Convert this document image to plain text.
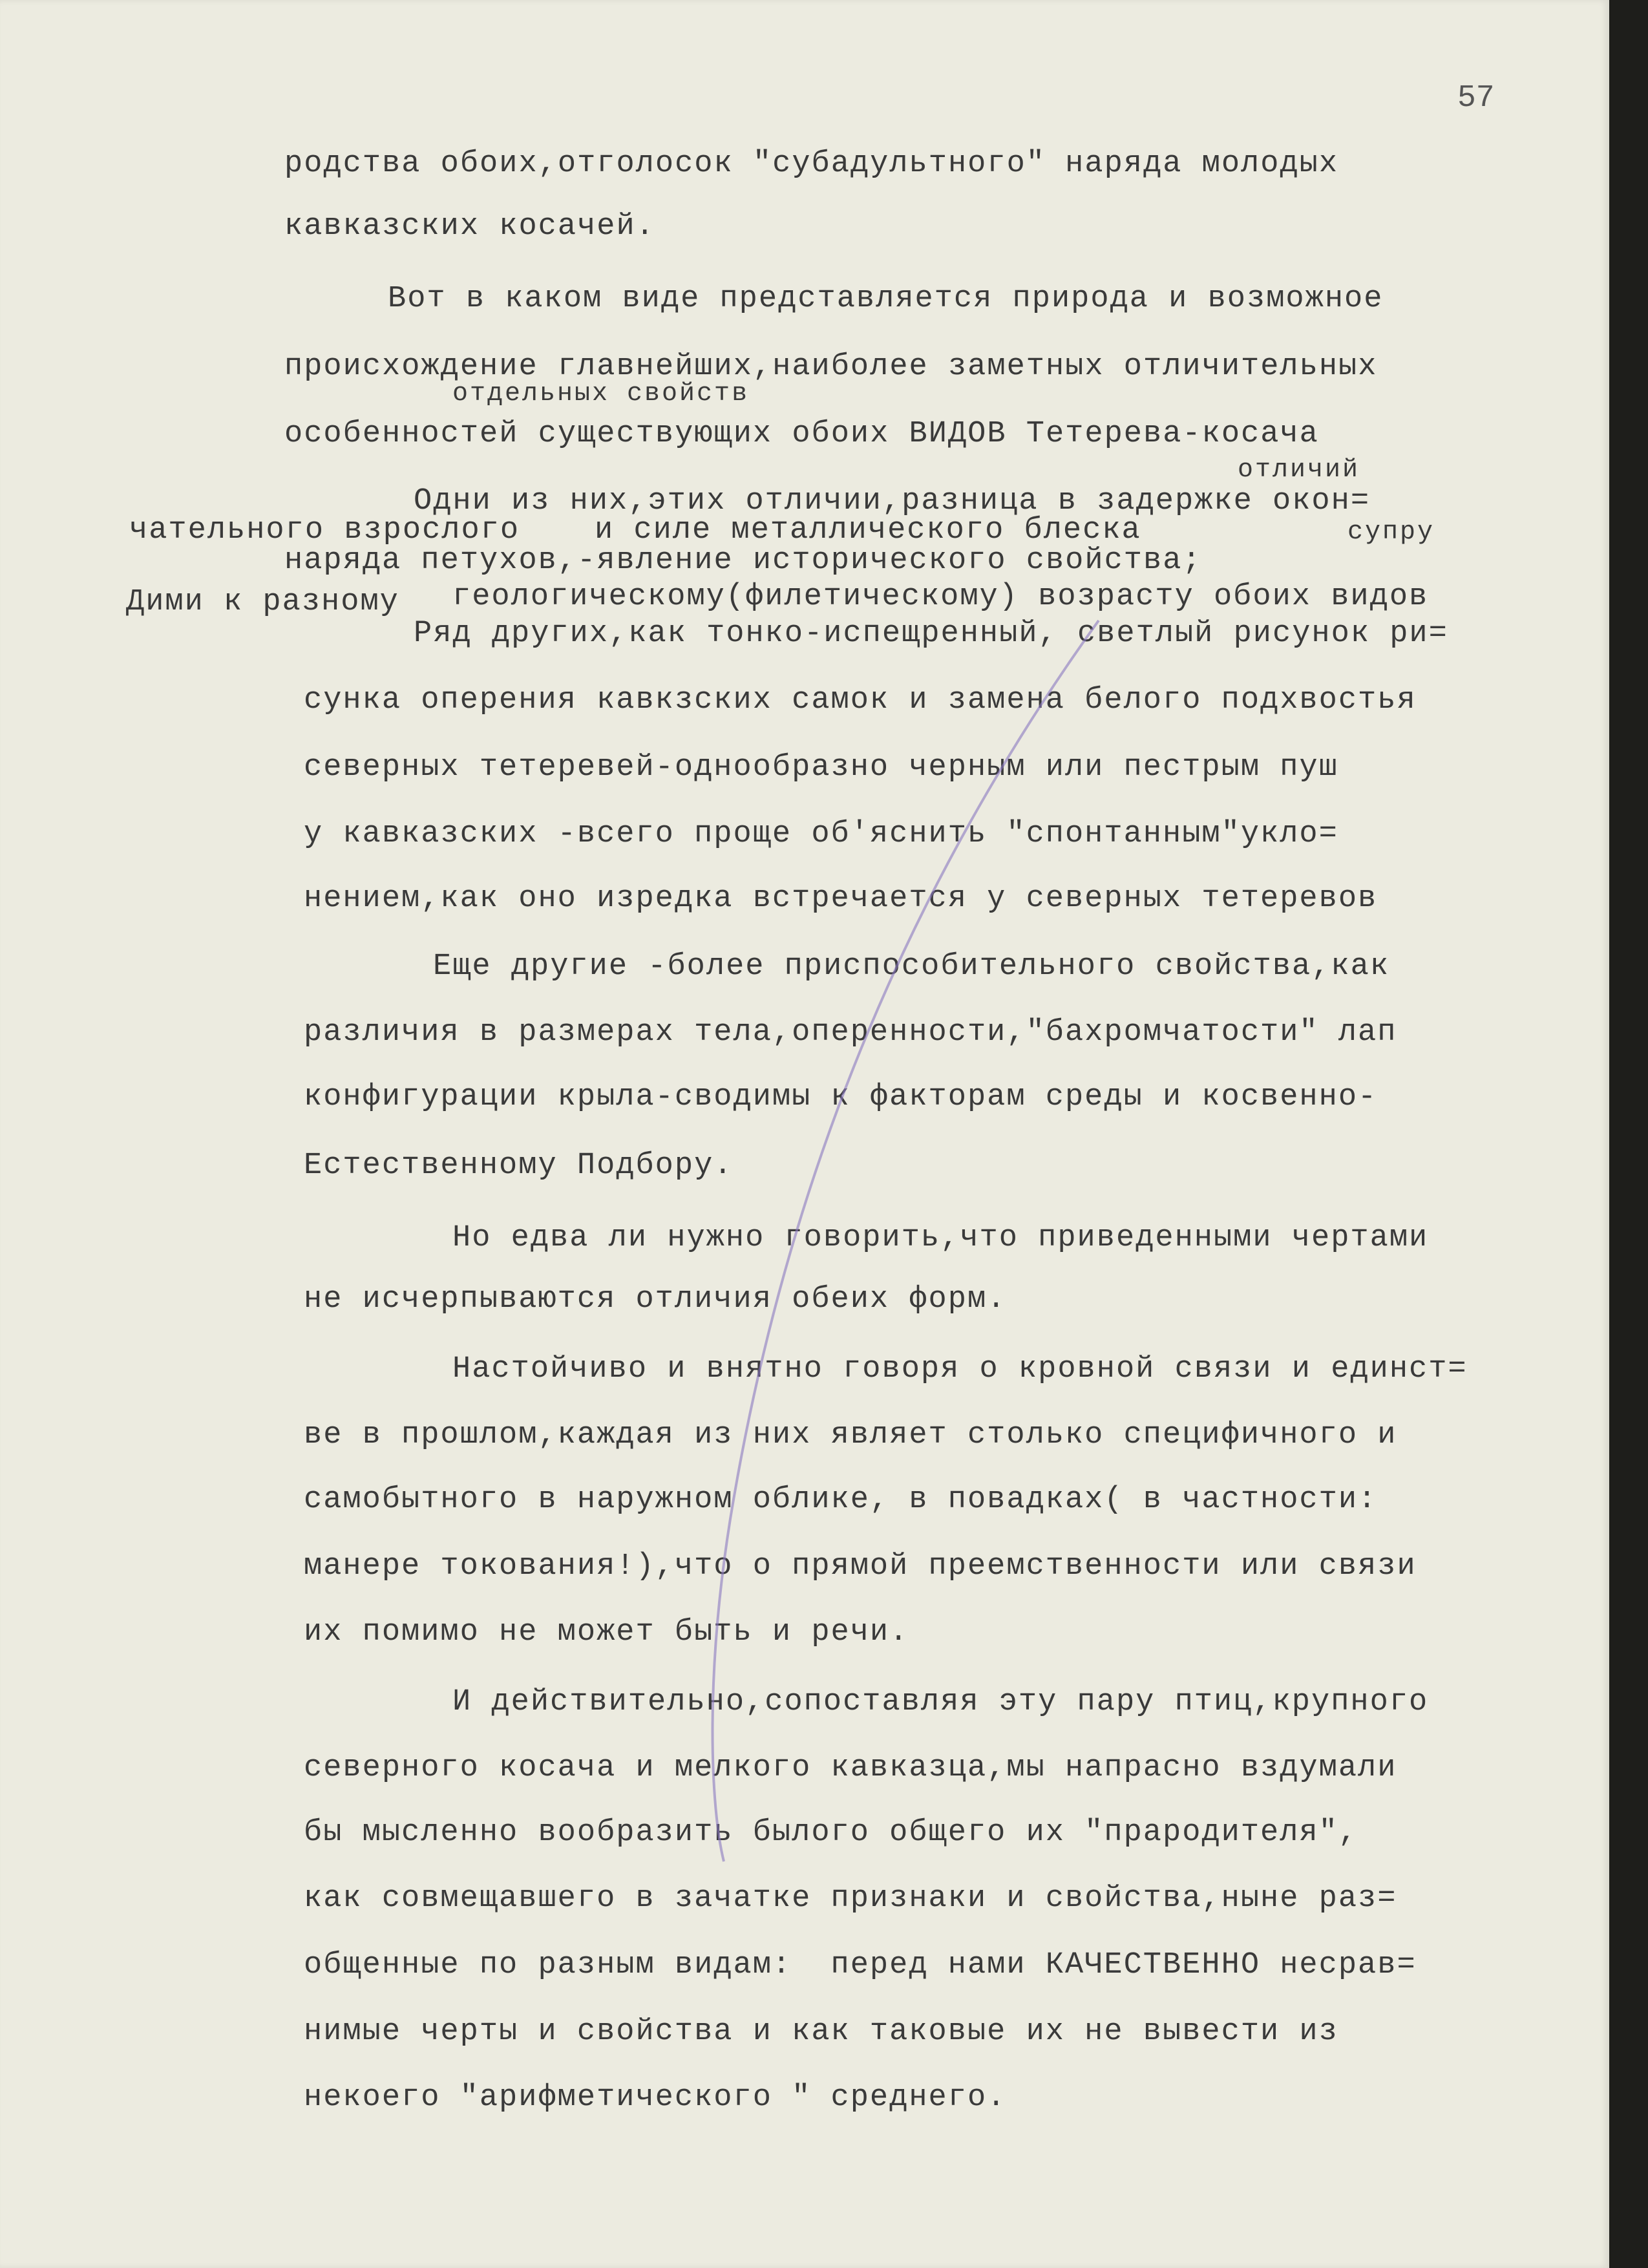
57
родства обоих,отголосок "субадультного" наряда молодых
кавказских косачей.
Вот в каком виде представляется природа и возможное
происхождение главнейших,наиболее заметных отличительных
отдельных свойств
особенностей существующих обоих ВИДОВ Тетерева-косача
отличий
Одни из них,этих отличии,разница в задержке окон=
чательного взрослого и силе металлического блеска	супру
наряда петухов,-явление исторического свойства;
Дими к разному геологическому(филетическому) возрасту обоих видов
Ряд других,как тонко-испещренный, светлый рисунок ри=
сунка оперения кавкзских самок и замена белого подхвостья
северных тетеревей-однообразно черным или пестрым пуш
у кавказских -всего проще об'яснить "спонтанным"укло=
нением,как оно изредка встречается у северных тетеревов
Еще другие -более приспособительного свойства,как
различия в размерах тела,оперенности,"бахромчатости" лап
конфигурации крыла-сводимы к факторам среды и косвенно-
Естественному Подбору.
Но едва ли нужно говорить,что приведенными чертами
не исчерпываются отличия обеих форм.
Настойчиво и внятно говоря о кровной связи и единст=
ве в прошлом,каждая из них являет столько специфичного и
самобытного в наружном облике, в повадках( в частности:
манере токования!),что о прямой преемственности или связи
их помимо не может быть и речи.
И действительно,сопоставляя эту пару птиц,крупного
северного косача и мелкого кавказца,мы напрасно вздумали
бы мысленно вообразить былого общего их "прародителя",
как совмещавшего в зачатке признаки и свойства,ныне раз=
общенные по разным видам:  перед нами КАЧЕСТВЕННО несрав=
нимые черты и свойства и как таковые их не вывести из
некоего "арифметического " среднего.
